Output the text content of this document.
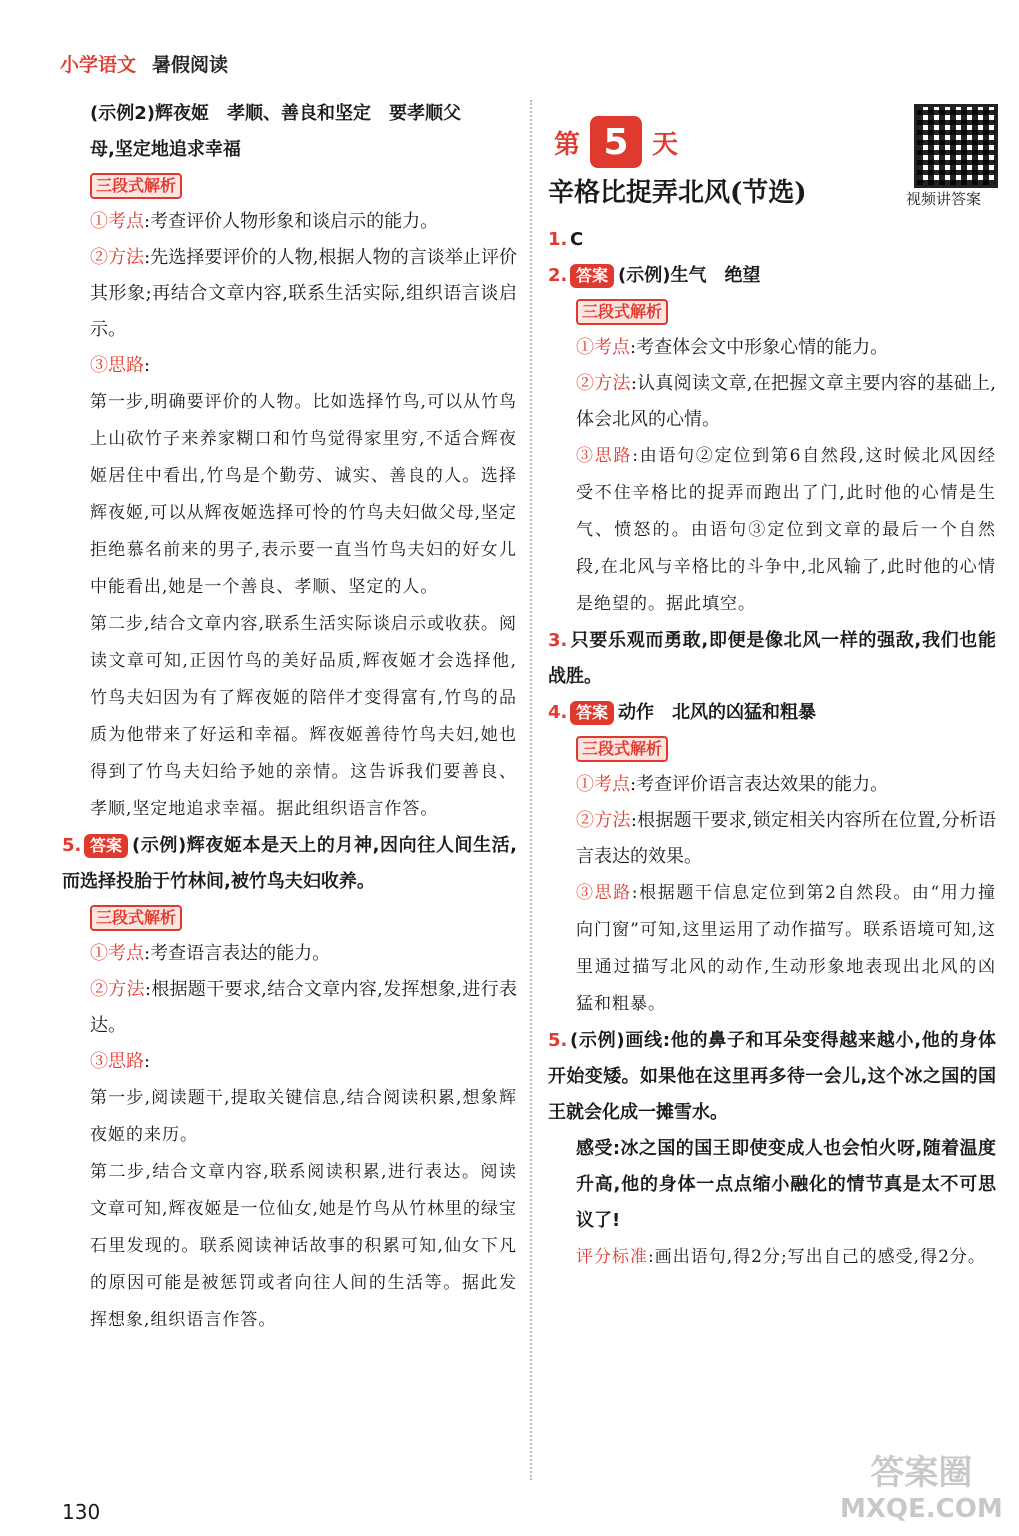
小学语文 暑假阅读

(示例2)辉夜姬　孝顺、善良和坚定　要孝顺父

母,坚定地追求幸福

三段式解析

①考点:考查评价人物形象和谈启示的能力。

②方法:先选择要评价的人物,根据人物的言谈举止评价其形象;再结合文章内容,联系生活实际,组织语言谈启示。

③思路:

第一步,明确要评价的人物。比如选择竹鸟,可以从竹鸟上山砍竹子来养家糊口和竹鸟觉得家里穷,不适合辉夜姬居住中看出,竹鸟是个勤劳、诚实、善良的人。选择辉夜姬,可以从辉夜姬选择可怜的竹鸟夫妇做父母,坚定拒绝慕名前来的男子,表示要一直当竹鸟夫妇的好女儿中能看出,她是一个善良、孝顺、坚定的人。

第二步,结合文章内容,联系生活实际谈启示或收获。阅读文章可知,正因竹鸟的美好品质,辉夜姬才会选择他,竹鸟夫妇因为有了辉夜姬的陪伴才变得富有,竹鸟的品质为他带来了好运和幸福。辉夜姬善待竹鸟夫妇,她也得到了竹鸟夫妇给予她的亲情。这告诉我们要善良、孝顺,坚定地追求幸福。据此组织语言作答。

5. 答案 (示例)辉夜姬本是天上的月神,因向往人间生活,而选择投胎于竹林间,被竹鸟夫妇收养。

三段式解析

①考点:考查语言表达的能力。

②方法:根据题干要求,结合文章内容,发挥想象,进行表达。

③思路:

第一步,阅读题干,提取关键信息,结合阅读积累,想象辉夜姬的来历。

第二步,结合文章内容,联系阅读积累,进行表达。阅读文章可知,辉夜姬是一位仙女,她是竹鸟从竹林里的绿宝石里发现的。联系阅读神话故事的积累可知,仙女下凡的原因可能是被惩罚或者向往人间的生活等。据此发挥想象,组织语言作答。

第 5 天
辛格比捉弄北风(节选)	视频讲答案

1. C

2. 答案 (示例)生气　绝望

三段式解析

①考点:考查体会文中形象心情的能力。

②方法:认真阅读文章,在把握文章主要内容的基础上,体会北风的心情。

③思路:由语句②定位到第6自然段,这时候北风因经受不住辛格比的捉弄而跑出了门,此时他的心情是生气、愤怒的。由语句③定位到文章的最后一个自然段,在北风与辛格比的斗争中,北风输了,此时他的心情是绝望的。据此填空。

3. 只要乐观而勇敢,即便是像北风一样的强敌,我们也能战胜。

4. 答案 动作　北风的凶猛和粗暴

三段式解析

①考点:考查评价语言表达效果的能力。

②方法:根据题干要求,锁定相关内容所在位置,分析语言表达的效果。

③思路:根据题干信息定位到第2自然段。由“用力撞向门窗”可知,这里运用了动作描写。联系语境可知,这里通过描写北风的动作,生动形象地表现出北风的凶猛和粗暴。

5. (示例)画线:他的鼻子和耳朵变得越来越小,他的身体开始变矮。如果他在这里再多待一会儿,这个冰之国的国王就会化成一摊雪水。

感受:冰之国的国王即使变成人也会怕火呀,随着温度升高,他的身体一点点缩小融化的情节真是太不可思议了!

评分标准:画出语句,得2分;写出自己的感受,得2分。

130
答案圈
MXQE.COM
